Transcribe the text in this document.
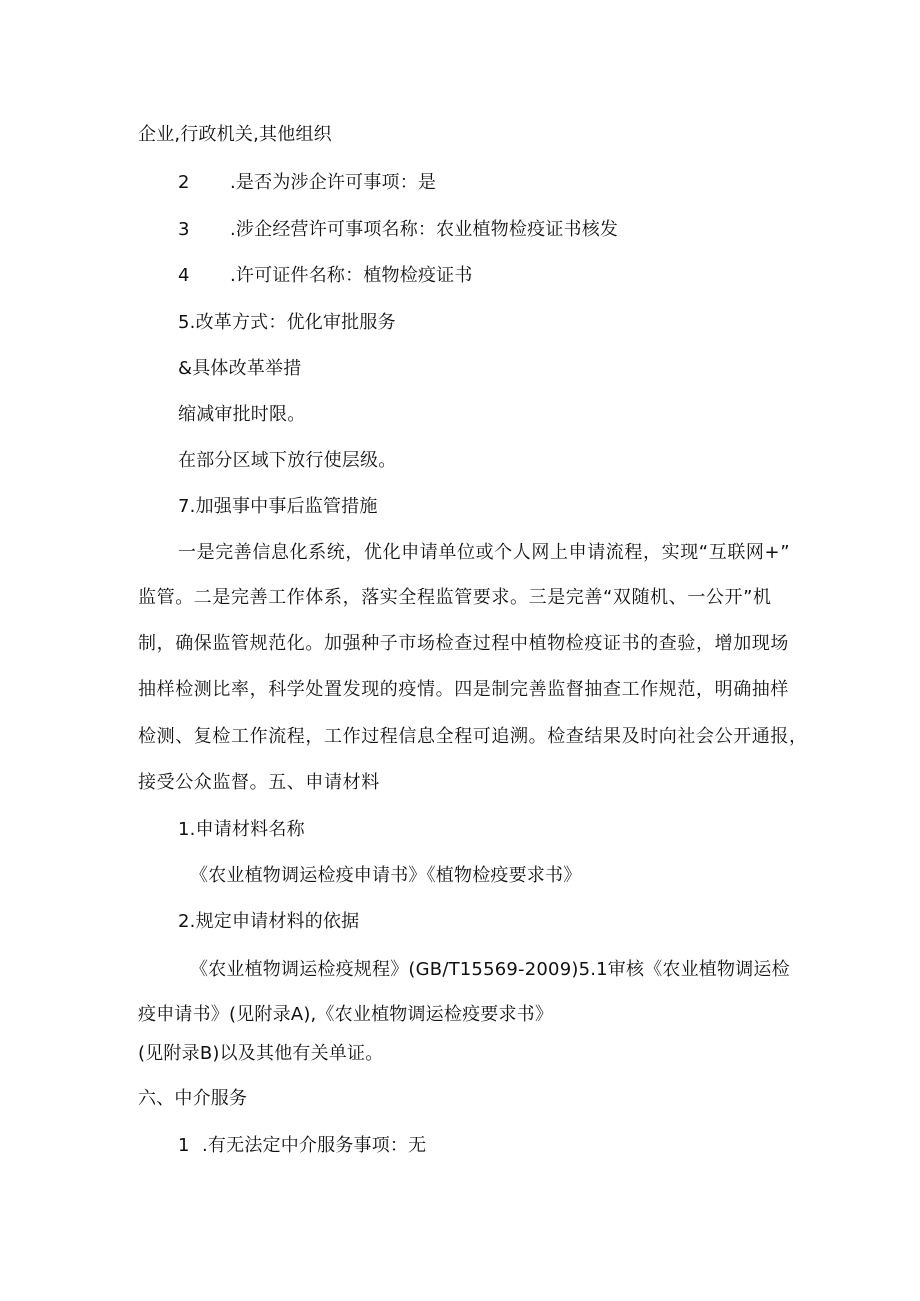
企业,行政机关,其他组织
2 .是否为涉企许可事项：是
3 .涉企经营许可事项名称：农业植物检疫证书核发
4 .许可证件名称：植物检疫证书
5.改革方式：优化审批服务
&具体改革举措
缩减审批时限。
在部分区域下放行使层级。
7.加强事中事后监管措施
一是完善信息化系统，优化申请单位或个人网上申请流程，实现“互联网+”
监管。二是完善工作体系，落实全程监管要求。三是完善“双随机、一公开”机
制，确保监管规范化。加强种子市场检查过程中植物检疫证书的查验，增加现场
抽样检测比率，科学处置发现的疫情。四是制完善监督抽查工作规范，明确抽样
检测、复检工作流程，工作过程信息全程可追溯。检查结果及时向社会公开通报，
接受公众监督。五、申请材料
1.申请材料名称
《农业植物调运检疫申请书》《植物检疫要求书》
2.规定申请材料的依据
《农业植物调运检疫规程》(GB/T15569-2009)5.1审核《农业植物调运检
疫申请书》(见附录A),《农业植物调运检疫要求书》
(见附录B)以及其他有关单证。
六、中介服务
1 .有无法定中介服务事项：无
